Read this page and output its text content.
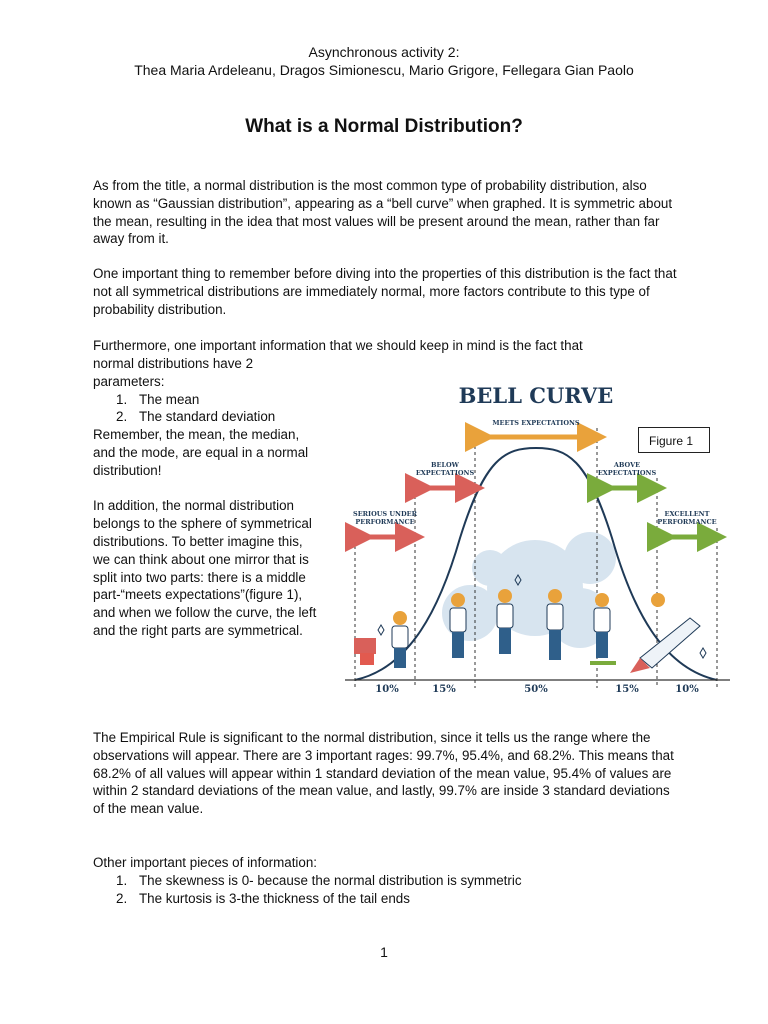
Asynchronous activity 2:
Thea Maria Ardeleanu, Dragos Simionescu, Mario Grigore, Fellegara Gian Paolo
What is a Normal Distribution?

As from the title, a normal distribution is the most common type of probability distribution, also known as “Gaussian distribution”, appearing as a “bell curve” when graphed. It is symmetric about the mean, resulting in the idea that most values will be present around the mean, rather than far away from it.

One important thing to remember before diving into the properties of this distribution is the fact that not all symmetrical distributions are immediately normal, more factors contribute to this type of probability distribution.

Furthermore, one important information that we should keep in mind is the fact that

normal distributions have 2 parameters:
1. The mean
2. The standard deviation
Remember, the mean, the median, and the mode, are equal in a normal distribution!
In addition, the normal distribution belongs to the sphere of symmetrical distributions. To better imagine this, we can think about one mirror that is split into two parts: there is a middle part-“meets expectations”(figure 1), and when we follow the curve, the left and the right parts are symmetrical.
BELL CURVE
MEETS EXPECTATIONS
BELOW
EXPECTATIONS
ABOVE
EXPECTATIONS
SERIOUS UNDER
PERFORMANCE
EXCELLENT
PERFORMANCE
10%	15%	50%	15%	10%
Figure 1

The Empirical Rule is significant to the normal distribution, since it tells us the range where the observations will appear. There are 3 important rages: 99.7%, 95.4%, and 68.2%. This means that 68.2% of all values will appear within 1 standard deviation of the mean value, 95.4% of values are within 2 standard deviations of the mean value, and lastly, 99.7% are inside 3 standard deviations of the mean value.

Other important pieces of information:
1. The skewness is 0- because the normal distribution is symmetric
2. The kurtosis is 3-the thickness of the tail ends
1
